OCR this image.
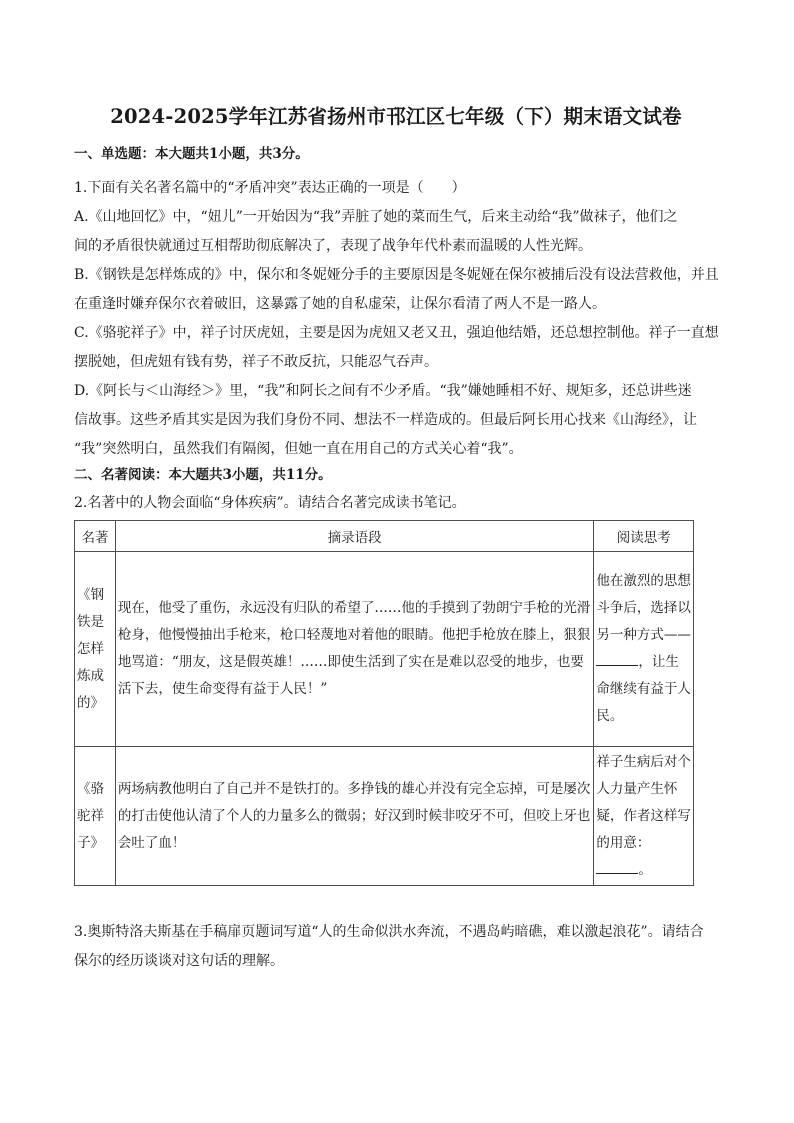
2024-2025学年江苏省扬州市邗江区七年级（下）期末语文试卷
一、单选题：本大题共1小题，共3分。
1.下面有关名著名篇中的“矛盾冲突”表达正确的一项是（　　）
A.《山地回忆》中，“妞儿”一开始因为“我”弄脏了她的菜而生气，后来主动给“我”做袜子，他们之
间的矛盾很快就通过互相帮助彻底解决了，表现了战争年代朴素而温暖的人性光辉。
B.《钢铁是怎样炼成的》中，保尔和冬妮娅分手的主要原因是冬妮娅在保尔被捕后没有设法营救他，并且
在重逢时嫌弃保尔衣着破旧，这暴露了她的自私虚荣，让保尔看清了两人不是一路人。
C.《骆驼祥子》中，祥子讨厌虎妞，主要是因为虎妞又老又丑，强迫他结婚，还总想控制他。祥子一直想
摆脱她，但虎妞有钱有势，祥子不敢反抗，只能忍气吞声。
D.《阿长与＜山海经＞》里，“我”和阿长之间有不少矛盾。“我”嫌她睡相不好、规矩多，还总讲些迷
信故事。这些矛盾其实是因为我们身份不同、想法不一样造成的。但最后阿长用心找来《山海经》，让
“我”突然明白，虽然我们有隔阂，但她一直在用自己的方式关心着“我”。
二、名著阅读：本大题共3小题，共11分。
2.名著中的人物会面临“身体疾病”。请结合名著完成读书笔记。
名著	摘录语段	阅读思考
《钢铁是怎样炼成的》	现在，他受了重伤，永远没有归队的希望了……他的手摸到了勃朗宁手枪的光滑枪身，他慢慢抽出手枪来，枪口轻蔑地对着他的眼睛。他把手枪放在膝上，狠狠地骂道：“朋友，这是假英雄！……即使生活到了实在是难以忍受的地步，也要活下去，使生命变得有益于人民！”	他在激烈的思想斗争后，选择以另一种方式——，让生命继续有益于人民。
《骆驼祥子》	两场病教他明白了自己并不是铁打的。多挣钱的雄心并没有完全忘掉，可是屡次的打击使他认清了个人的力量多么的微弱；好汉到时候非咬牙不可，但咬上牙也会吐了血！	祥子生病后对个人力量产生怀疑，作者这样写的用意：。
3.奥斯特洛夫斯基在手稿扉页题词写道“人的生命似洪水奔流，不遇岛屿暗礁，难以激起浪花”。请结合
保尔的经历谈谈对这句话的理解。
